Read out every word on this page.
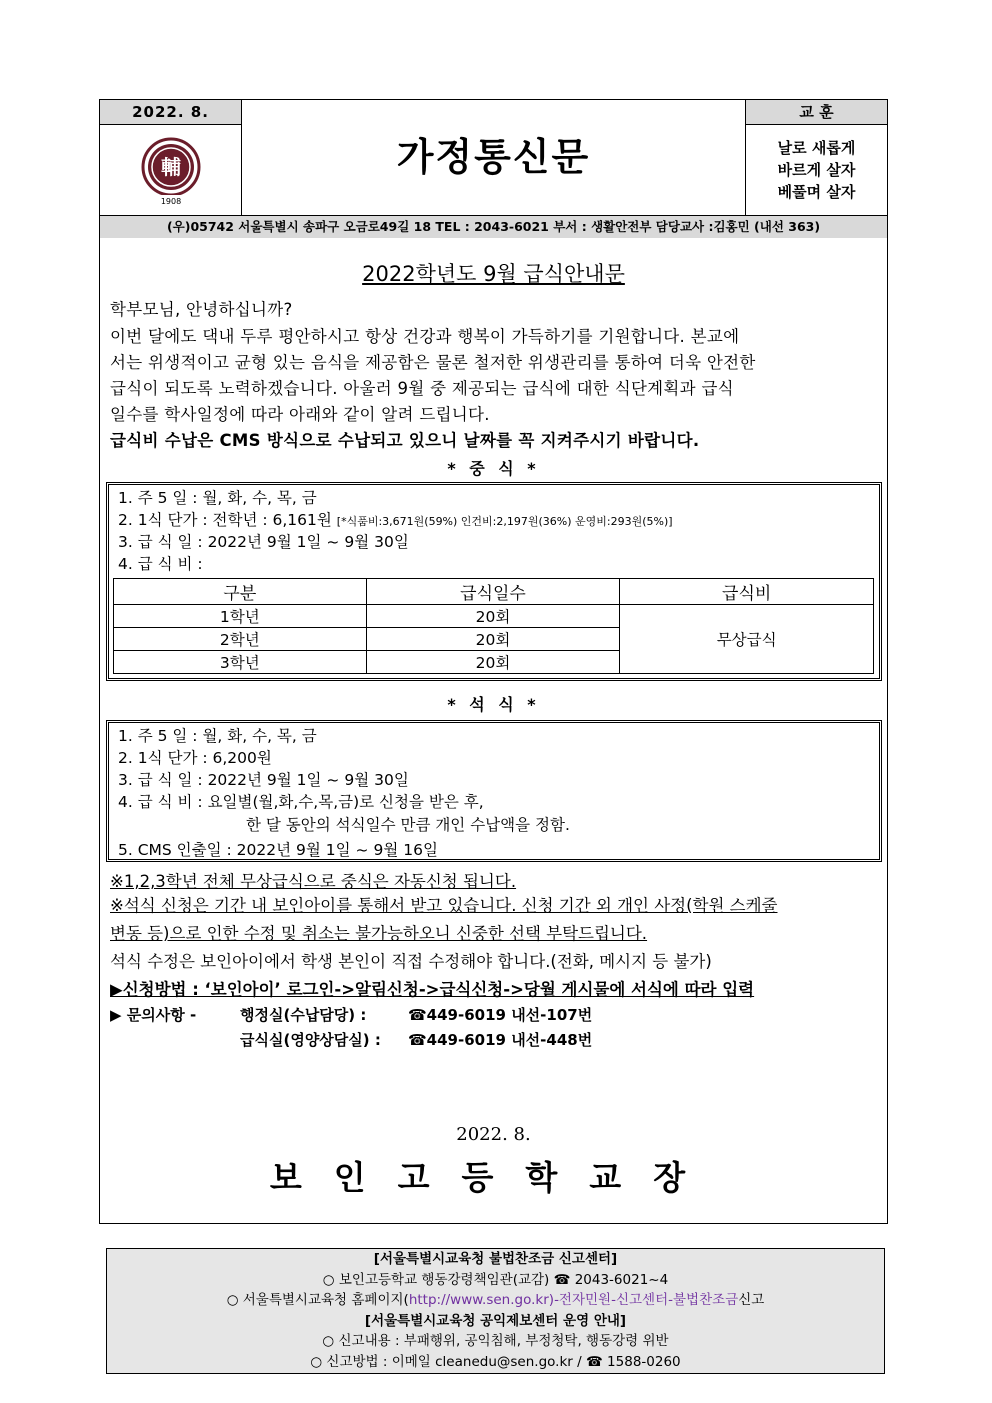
2022. 8.
輔
1908
가정통신문
교 훈
날로 새롭게
바르게 살자
베풀며 살자
(우)05742 서울특별시 송파구 오금로49길 18 TEL : 2043-6021 부서 : 생활안전부 담당교사 :김홍민 (내선 363)
2022학년도 9월 급식안내문
학부모님, 안녕하십니까?
이번 달에도 댁내 두루 평안하시고 항상 건강과 행복이 가득하기를 기원합니다. 본교에
서는 위생적이고 균형 있는 음식을 제공함은 물론 철저한 위생관리를 통하여 더욱 안전한
급식이 되도록 노력하겠습니다. 아울러 9월 중 제공되는 급식에 대한 식단계획과 급식
일수를 학사일정에 따라 아래와 같이 알려 드립니다.
급식비 수납은 CMS 방식으로 수납되고 있으니 날짜를 꼭 지켜주시기 바랍니다.
* 중 식 *
1. 주 5 일 : 월, 화, 수, 목, 금
2. 1식 단가 : 전학년 : 6,161원 [*식품비:3,671원(59%) 인건비:2,197원(36%) 운영비:293원(5%)]
3. 급 식 일 : 2022년 9월 1일 ~ 9월 30일
4. 급 식 비 :
구분	급식일수	급식비
1학년	20회	무상급식
2학년	20회	
3학년	20회	
* 석 식 *
1. 주 5 일 : 월, 화, 수, 목, 금
2. 1식 단가 : 6,200원
3. 급 식 일 : 2022년 9월 1일 ~ 9월 30일
4. 급 식 비 : 요일별(월,화,수,목,금)로 신청을 받은 후,
한 달 동안의 석식일수 만큼 개인 수납액을 정함.
5. CMS 인출일 : 2022년 9월 1일 ~ 9월 16일
※1,2,3학년 전체 무상급식으로 중식은 자동신청 됩니다.
※석식 신청은 기간 내 보인아이를 통해서 받고 있습니다. 신청 기간 외 개인 사정(학원 스케줄
변동 등)으로 인한 수정 및 취소는 불가능하오니 신중한 선택 부탁드립니다.
석식 수정은 보인아이에서 학생 본인이 직접 수정해야 합니다.(전화, 메시지 등 불가)
▶신청방법 : ‘보인아이’ 로그인->알림신청->급식신청->당월 게시물에 서식에 따라 입력
▶ 문의사항 -	행정실(수납담당) :	☎449-6019 내선-107번
급식실(영양상담실) : ☎449-6019 내선-448번
2022. 8.
보인고등학교장
[서울특별시교육청 불법찬조금 신고센터]
○ 보인고등학교 행동강령책임관(교감) ☎ 2043-6021~4
○ 서울특별시교육청 홈페이지(http://www.sen.go.kr)-전자민원-신고센터-불법찬조금신고
[서울특별시교육청 공익제보센터 운영 안내]
○ 신고내용 : 부패행위, 공익침해, 부정청탁, 행동강령 위반
○ 신고방법 : 이메일 cleanedu@sen.go.kr / ☎ 1588-0260
